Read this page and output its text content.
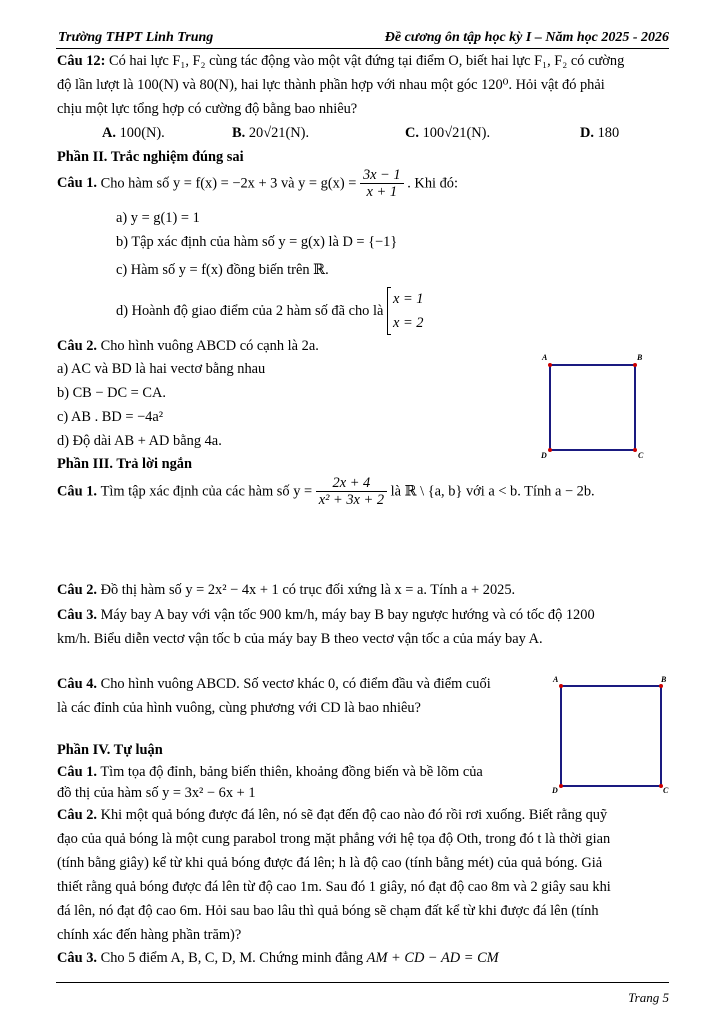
Trường THPT Linh Trung	Đề cương ôn tập học kỳ I – Năm học 2025 - 2026
Câu 12: Có hai lực F₁, F₂ cùng tác động vào một vật đứng tại điểm O, biết hai lực F₁, F₂ có cường
độ lần lượt là 100(N) và 80(N), hai lực thành phần hợp với nhau một góc 120⁰. Hỏi vật đó phải
chịu một lực tổng hợp có cường độ bằng bao nhiêu?
A. 100(N).	B. 20√21(N).	C. 100√21(N).	D. 180
Phần II. Trắc nghiệm đúng sai
Câu 1. Cho hàm số y = f(x) = −2x + 3 và $y = g(x) = \frac{3x - 1}{x + 1}$ . Khi đó:
a) y = g(1) = 1
b) Tập xác định của hàm số y = g(x) là D = {−1}
c) Hàm số y = f(x) đồng biến trên ℝ.
d) Hoành độ giao điểm của 2 hàm số đã cho là
x = 1
x = 2
Câu 2. Cho hình vuông ABCD có cạnh là 2a.
a) AC và BD là hai vectơ bằng nhau
b) CB − DC = CA.
c) AB . BD = −4a²
d) Độ dài AB + AD bằng 4a.
A	B
C
D
Phần III. Trả lời ngắn
Câu 1. Tìm tập xác định của các hàm số $y = \frac{2x + 4}{\text{x² + 3x + 2}}$ là ℝ \ {a, b} với a < b. Tính a − 2b.
Câu 2. Đồ thị hàm số y = 2x² − 4x + 1 có trục đối xứng là x = a. Tính a + 2025.
Câu 3. Máy bay A bay với vận tốc 900 km/h, máy bay B bay ngược hướng và có tốc độ 1200
km/h. Biểu diễn vectơ vận tốc b của máy bay B theo vectơ vận tốc a của máy bay A.
Câu 4. Cho hình vuông ABCD. Số vectơ khác 0, có điểm đầu và điểm cuối
là các đỉnh của hình vuông, cùng phương với CD là bao nhiêu?
A	B
C
D
Phần IV. Tự luận
Câu 1. Tìm tọa độ đỉnh, bảng biến thiên, khoảng đồng biến và bề lõm của
đồ thị của hàm số y = 3x² − 6x + 1
Câu 2. Khi một quả bóng được đá lên, nó sẽ đạt đến độ cao nào đó rồi rơi xuống. Biết rằng quỹ
đạo của quả bóng là một cung parabol trong mặt phẳng với hệ tọa độ Oth, trong đó t là thời gian
(tính bằng giây) kể từ khi quả bóng được đá lên; h là độ cao (tính bằng mét) của quả bóng. Giả
thiết rằng quả bóng được đá lên từ độ cao 1m. Sau đó 1 giây, nó đạt độ cao 8m và 2 giây sau khi
đá lên, nó đạt độ cao 6m. Hỏi sau bao lâu thì quả bóng sẽ chạm đất kể từ khi được đá lên (tính
chính xác đến hàng phần trăm)?
Câu 3. Cho 5 điểm A, B, C, D, M. Chứng minh đẳng AM + CD − AD = CM
Trang 5
